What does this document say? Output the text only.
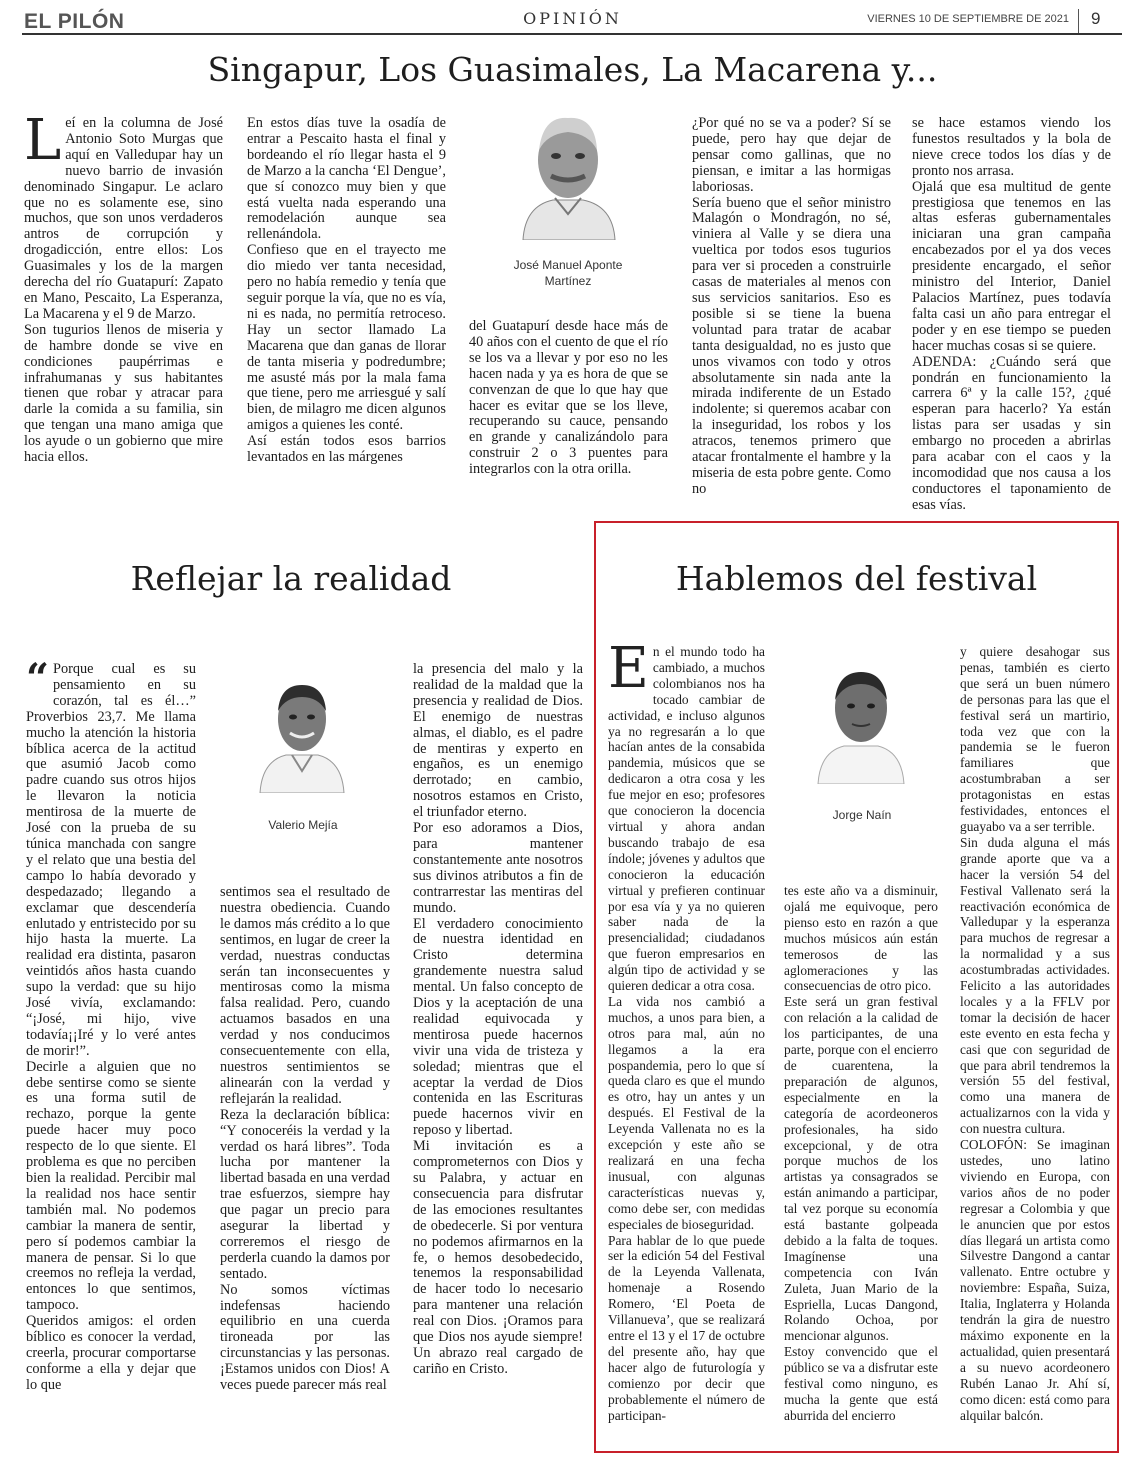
EL PILÓN	OPINIÓN	VIERNES 10 DE SEPTIEMBRE DE 2021 9
Singapur, Los Guasimales, La Macarena y...

Leí en la columna de José Antonio Soto Murgas que aquí en Valledupar hay un nuevo barrio de invasión denominado Singapur. Le aclaro que no es solamente ese, sino muchos, que son unos verdaderos antros de corrupción y drogadicción, entre ellos: Los Guasimales y los de la margen derecha del río Guatapurí: Zapato en Mano, Pescaito, La Esperanza, La Macarena y el 9 de Marzo.

Son tugurios llenos de miseria y de hambre donde se vive en condiciones paupérrimas e infrahumanas y sus habitantes tienen que robar y atracar para darle la comida a su familia, sin que tengan una mano amiga que los ayude o un gobierno que mire hacia ellos.

En estos días tuve la osadía de entrar a Pescaito hasta el final y bordeando el río llegar hasta el 9 de Marzo a la cancha ‘El Dengue’, que sí conozco muy bien y que está vuelta nada esperando una remodelación aunque sea rellenándola.

Confieso que en el trayecto me dio miedo ver tanta necesidad, pero no había remedio y tenía que seguir porque la vía, que no es vía, ni es nada, no permitía retroceso. Hay un sector llamado La Macarena que dan ganas de llorar de tanta miseria y podredumbre; me asusté más por la mala fama que tiene, pero me arriesgué y salí bien, de milagro me dicen algunos amigos a quienes les conté.

Así están todos esos barrios levantados en las márgenes

José Manuel Aponte Martínez

del Guatapurí desde hace más de 40 años con el cuento de que el río se los va a llevar y por eso no les hacen nada y ya es hora de que se convenzan de que lo que hay que hacer es evitar que se los lleve, recuperando su cauce, pensando en grande y canalizándolo para construir 2 o 3 puentes para integrarlos con la otra orilla.

¿Por qué no se va a poder? Sí se puede, pero hay que dejar de pensar como gallinas, que no piensan, e imitar a las hormigas laboriosas.

Sería bueno que el señor ministro Malagón o Mondragón, no sé, viniera al Valle y se diera una vueltica por todos esos tugurios para ver si proceden a construirle casas de materiales al menos con sus servicios sanitarios. Eso es posible si se tiene la buena voluntad para tratar de acabar tanta desigualdad, no es justo que unos vivamos con todo y otros absolutamente sin nada ante la mirada indiferente de un Estado indolente; si queremos acabar con la inseguridad, los robos y los atracos, tenemos primero que atacar frontalmente el hambre y la miseria de esta pobre gente. Como no

se hace estamos viendo los funestos resultados y la bola de nieve crece todos los días y de pronto nos arrasa.

Ojalá que esa multitud de gente prestigiosa que tenemos en las altas esferas gubernamentales iniciaran una gran campaña encabezados por el ya dos veces presidente encargado, el señor ministro del Interior, Daniel Palacios Martínez, pues todavía falta casi un año para entregar el poder y en ese tiempo se pueden hacer muchas cosas si se quiere.

ADENDA: ¿Cuándo será que pondrán en funcionamiento la carrera 6ª y la calle 15?, ¿qué esperan para hacerlo? Ya están listas para ser usadas y sin embargo no proceden a abrirlas para acabar con el caos y la incomodidad que nos causa a los conductores el taponamiento de esas vías.

Reflejar la realidad

“ Porque cual es su pensamiento en su corazón, tal es él…” Proverbios 23,7. Me llama mucho la atención la historia bíblica acerca de la actitud que asumió Jacob como padre cuando sus otros hijos le llevaron la noticia mentirosa de la muerte de José con la prueba de su túnica manchada con sangre y el relato que una bestia del campo lo había devorado y despedazado; llegando a exclamar que descendería enlutado y entristecido por su hijo hasta la muerte. La realidad era distinta, pasaron veintidós años hasta cuando supo la verdad: que su hijo José vivía, exclamando: “¡José, mi hijo, vive todavía¡¡Iré y lo veré antes de morir!”.

Decirle a alguien que no debe sentirse como se siente es una forma sutil de rechazo, porque la gente puede hacer muy poco respecto de lo que siente. El problema es que no perciben bien la realidad. Percibir mal la realidad nos hace sentir también mal. No podemos cambiar la manera de sentir, pero sí podemos cambiar la manera de pensar. Si lo que creemos no refleja la verdad, entonces lo que sentimos, tampoco.

Queridos amigos: el orden bíblico es conocer la verdad, creerla, procurar comportarse conforme a ella y dejar que lo que

Valerio Mejía

sentimos sea el resultado de nuestra obediencia. Cuando le damos más crédito a lo que sentimos, en lugar de creer la verdad, nuestras conductas serán tan inconsecuentes y mentirosas como la misma falsa realidad. Pero, cuando actuamos basados en una verdad y nos conducimos consecuentemente con ella, nuestros sentimientos se alinearán con la verdad y reflejarán la realidad.

Reza la declaración bíblica: “Y conoceréis la verdad y la verdad os hará libres”. Toda lucha por mantener la libertad basada en una verdad trae esfuerzos, siempre hay que pagar un precio para asegurar la libertad y correremos el riesgo de perderla cuando la damos por sentado.

No somos víctimas indefensas haciendo equilibrio en una cuerda tironeada por las circunstancias y las personas. ¡Estamos unidos con Dios! A veces puede parecer más real

la presencia del malo y la realidad de la maldad que la presencia y realidad de Dios. El enemigo de nuestras almas, el diablo, es el padre de mentiras y experto en engaños, es un enemigo derrotado; en cambio, nosotros estamos en Cristo, el triunfador eterno.

Por eso adoramos a Dios, para mantener constantemente ante nosotros sus divinos atributos a fin de contrarrestar las mentiras del mundo.

El verdadero conocimiento de nuestra identidad en Cristo determina grandemente nuestra salud mental. Un falso concepto de Dios y la aceptación de una realidad equivocada y mentirosa puede hacernos vivir una vida de tristeza y soledad; mientras que el aceptar la verdad de Dios contenida en las Escrituras puede hacernos vivir en reposo y libertad.

Mi invitación es a comprometernos con Dios y su Palabra, y actuar en consecuencia para disfrutar de las emociones resultantes de obedecerle. Si por ventura no podemos afirmarnos en la fe, o hemos desobedecido, tenemos la responsabilidad de hacer todo lo necesario para mantener una relación real con Dios. ¡Oramos para que Dios nos ayude siempre! Un abrazo real cargado de cariño en Cristo.

Hablemos del festival

En el mundo todo ha cambiado, a muchos colombianos nos ha tocado cambiar de actividad, e incluso algunos ya no regresarán a lo que hacían antes de la consabida pandemia, músicos que se dedicaron a otra cosa y les fue mejor en eso; profesores que conocieron la docencia virtual y ahora andan buscando trabajo de esa índole; jóvenes y adultos que conocieron la educación virtual y prefieren continuar por esa vía y ya no quieren saber nada de la presencialidad; ciudadanos que fueron empresarios en algún tipo de actividad y se quieren dedicar a otra cosa.

La vida nos cambió a muchos, a unos para bien, a otros para mal, aún no llegamos a la era pospandemia, pero lo que sí queda claro es que el mundo es otro, hay un antes y un después. El Festival de la Leyenda Vallenata no es la excepción y este año se realizará en una fecha inusual, con algunas características nuevas y, como debe ser, con medidas especiales de bioseguridad.

Para hablar de lo que puede ser la edición 54 del Festival de la Leyenda Vallenata, homenaje a Rosendo Romero, ‘El Poeta de Villanueva’, que se realizará entre el 13 y el 17 de octubre del presente año, hay que hacer algo de futurología y comienzo por decir que probablemente el número de participan-

Jorge Naín

tes este año va a disminuir, ojalá me equivoque, pero pienso esto en razón a que muchos músicos aún están temerosos de las aglomeraciones y las consecuencias de otro pico.

Este será un gran festival con relación a la calidad de los participantes, de una parte, porque con el encierro de cuarentena, la preparación de algunos, especialmente en la categoría de acordeoneros profesionales, ha sido excepcional, y de otra porque muchos de los artistas ya consagrados se están animando a participar, tal vez porque su economía está bastante golpeada debido a la falta de toques. Imagínense una competencia con Iván Zuleta, Juan Mario de la Espriella, Lucas Dangond, Rolando Ochoa, por mencionar algunos.

Estoy convencido que el público se va a disfrutar este festival como ninguno, es mucha la gente que está aburrida del encierro

y quiere desahogar sus penas, también es cierto que será un buen número de personas para las que el festival será un martirio, toda vez que con la pandemia se le fueron familiares que acostumbraban a ser protagonistas en estas festividades, entonces el guayabo va a ser terrible.

Sin duda alguna el más grande aporte que va a hacer la versión 54 del Festival Vallenato será la reactivación económica de Valledupar y la esperanza para muchos de regresar a la normalidad y a sus acostumbradas actividades. Felicito a las autoridades locales y a la FFLV por tomar la decisión de hacer este evento en esta fecha y casi que con seguridad de que para abril tendremos la versión 55 del festival, como una manera de actualizarnos con la vida y con nuestra cultura.

COLOFÓN: Se imaginan ustedes, uno latino viviendo en Europa, con varios años de no poder regresar a Colombia y que le anuncien que por estos días llegará un artista como Silvestre Dangond a cantar vallenato. Entre octubre y noviembre: España, Suiza, Italia, Inglaterra y Holanda tendrán la gira de nuestro máximo exponente en la actualidad, quien presentará a su nuevo acordeonero Rubén Lanao Jr. Ahí sí, como dicen: está como para alquilar balcón.
